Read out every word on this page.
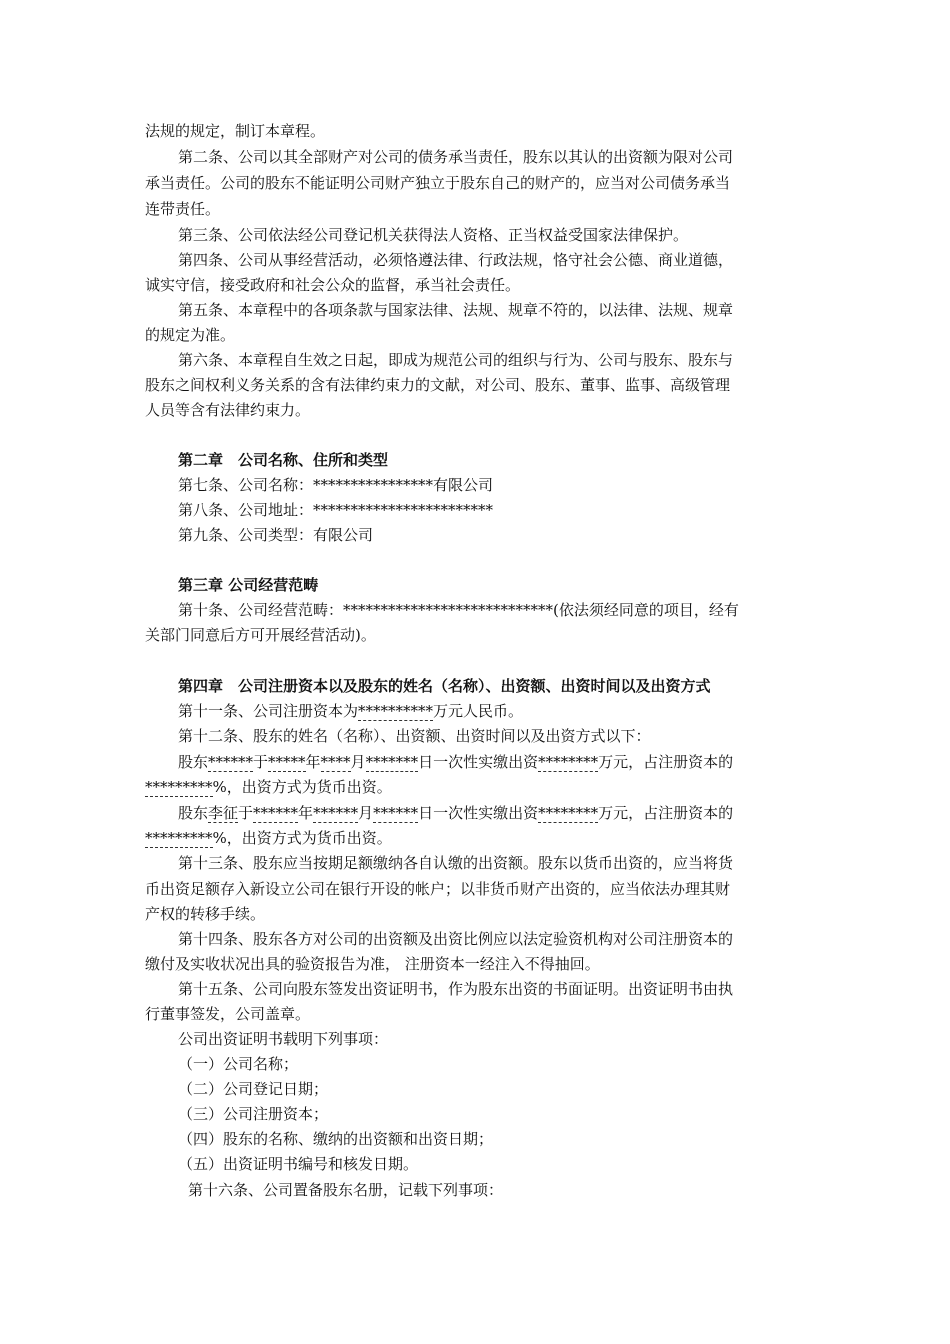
法规的规定，制订本章程。
第二条、公司以其全部财产对公司的债务承当责任，股东以其认的出资额为限对公司
承当责任。公司的股东不能证明公司财产独立于股东自己的财产的，应当对公司债务承当
连带责任。
第三条、公司依法经公司登记机关获得法人资格、正当权益受国家法律保护。
第四条、公司从事经营活动，必须恪遵法律、行政法规，恪守社会公德、商业道德，
诚实守信，接受政府和社会公众的监督，承当社会责任。
第五条、本章程中的各项条款与国家法律、法规、规章不符的，以法律、法规、规章
的规定为准。
第六条、本章程自生效之日起，即成为规范公司的组织与行为、公司与股东、股东与
股东之间权利义务关系的含有法律约束力的文献，对公司、股东、董事、监事、高级管理
人员等含有法律约束力。
第二章　公司名称、住所和类型
第七条、公司名称：****************有限公司
第八条、公司地址：************************
第九条、公司类型：有限公司
第三章 公司经营范畴
第十条、公司经营范畴：****************************(依法须经同意的项目，经有
关部门同意后方可开展经营活动)。
第四章　公司注册资本以及股东的姓名（名称）、出资额、出资时间以及出资方式
第十一条、公司注册资本为**********万元人民币。
第十二条、股东的姓名（名称）、出资额、出资时间以及出资方式以下：
股东******于*****年****月*******日一次性实缴出资********万元，占注册资本的
*********%，出资方式为货币出资。
股东李征于******年******月******日一次性实缴出资********万元，占注册资本的
*********%，出资方式为货币出资。
第十三条、股东应当按期足额缴纳各自认缴的出资额。股东以货币出资的，应当将货
币出资足额存入新设立公司在银行开设的帐户；以非货币财产出资的，应当依法办理其财
产权的转移手续。
第十四条、股东各方对公司的出资额及出资比例应以法定验资机构对公司注册资本的
缴付及实收状况出具的验资报告为准， 注册资本一经注入不得抽回。
第十五条、公司向股东签发出资证明书，作为股东出资的书面证明。出资证明书由执
行董事签发，公司盖章。
公司出资证明书载明下列事项：
（一）公司名称；
（二）公司登记日期；
（三）公司注册资本；
（四）股东的名称、缴纳的出资额和出资日期；
（五）出资证明书编号和核发日期。
第十六条、公司置备股东名册，记载下列事项：
